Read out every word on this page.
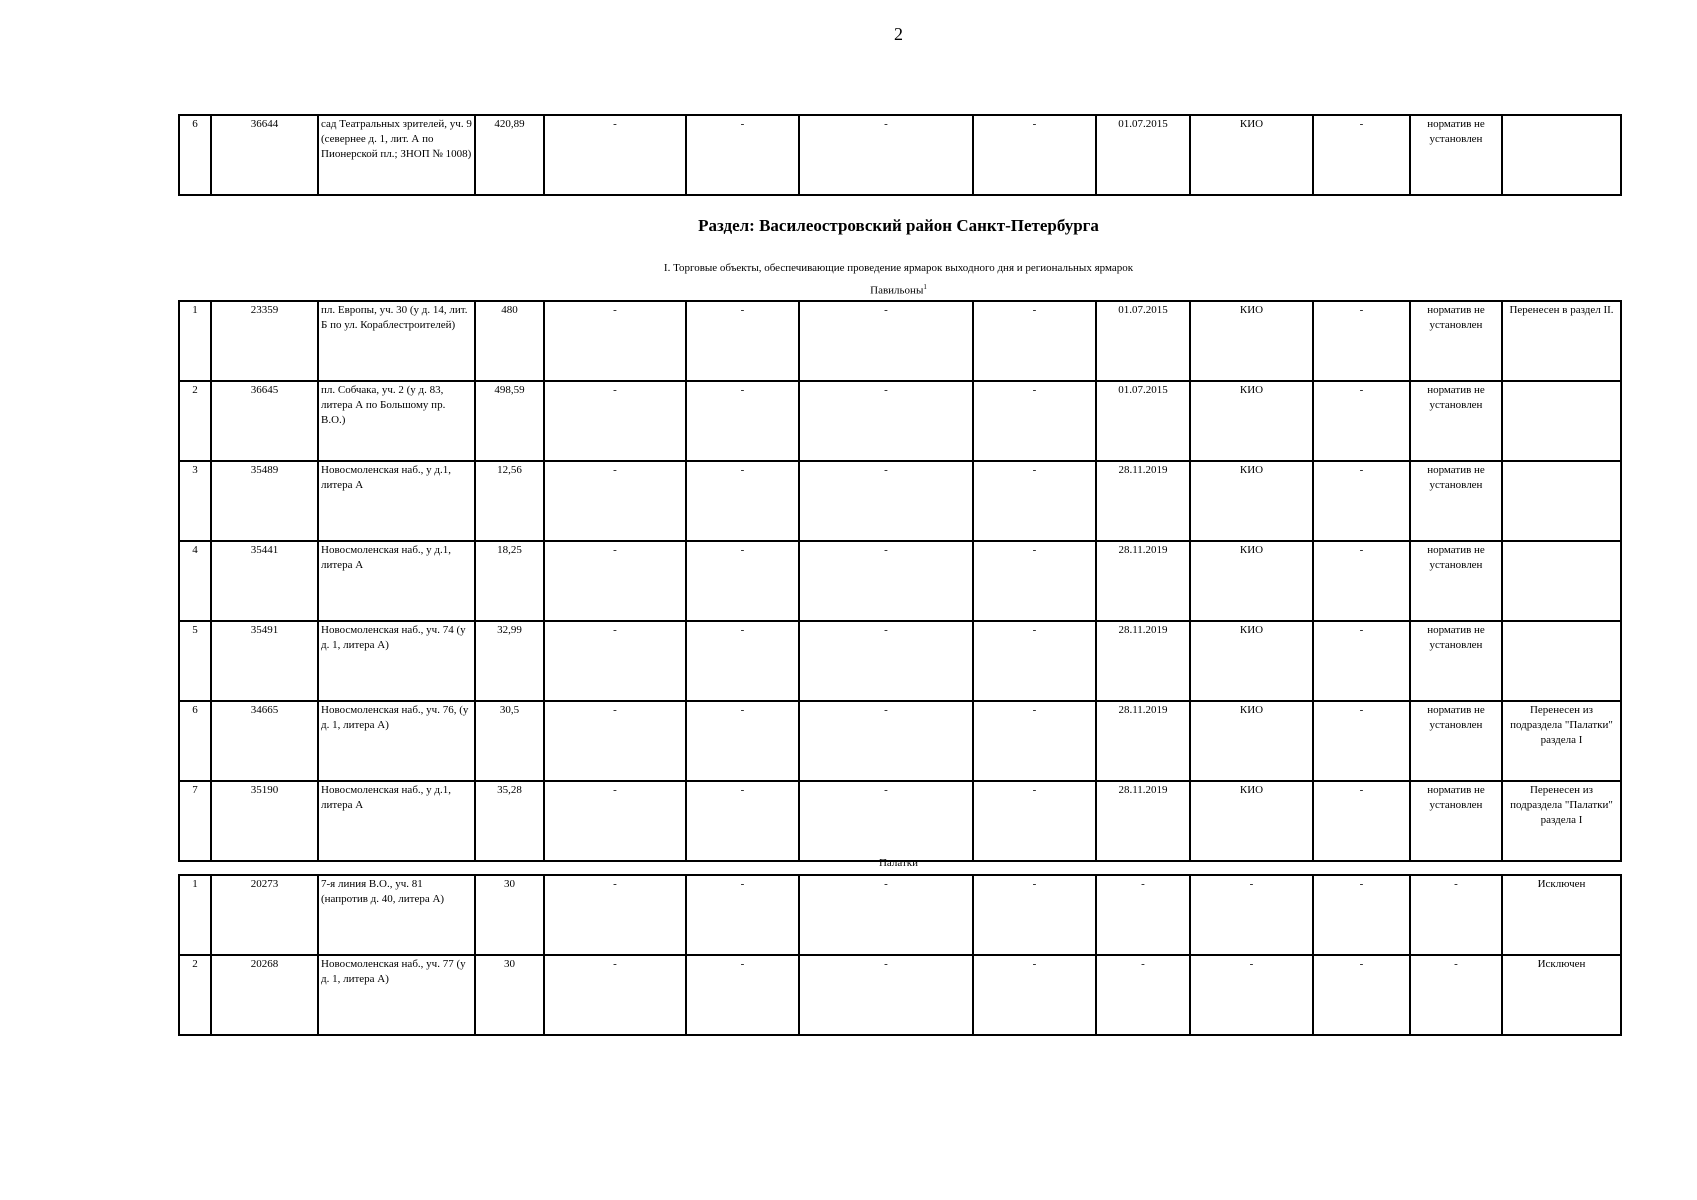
2
6	36644	сад Театральных зрителей, уч. 9 (севернее д. 1, лит. А по Пионерской пл.; ЗНОП № 1008)	420,89	-	-	-	-	01.07.2015	КИО	-	норматив не установлен	
Раздел: Василеостровский район Санкт-Петербурга
I. Торговые объекты, обеспечивающие проведение ярмарок выходного дня и региональных ярмарок
Павильоны$^1$
1	23359	пл. Европы, уч. 30 (у д. 14, лит. Б по ул. Кораблестроителей)	480	-	-	-	-	01.07.2015	КИО	-	норматив не установлен	Перенесен в раздел II.
2	36645	пл. Собчака, уч. 2 (у д. 83, литера А по Большому пр. В.О.)	498,59	-	-	-	-	01.07.2015	КИО	-	норматив не установлен	
3	35489	Новосмоленская наб., у д.1, литера А	12,56	-	-	-	-	28.11.2019	КИО	-	норматив не установлен	
4	35441	Новосмоленская наб., у д.1, литера А	18,25	-	-	-	-	28.11.2019	КИО	-	норматив не установлен	
5	35491	Новосмоленская наб., уч. 74 (у д. 1, литера А)	32,99	-	-	-	-	28.11.2019	КИО	-	норматив не установлен	
6	34665	Новосмоленская наб., уч. 76, (у д. 1, литера А)	30,5	-	-	-	-	28.11.2019	КИО	-	норматив не установлен	Перенесен из подраздела "Палатки" раздела I
7	35190	Новосмоленская наб., у д.1, литера А	35,28	-	-	-	-	28.11.2019	КИО	-	норматив не установлен	Перенесен из подраздела "Палатки" раздела I
Палатки
1	20273	7-я линия В.О., уч. 81 (напротив д. 40, литера А)	30	-	-	-	-	-	-	-	-	Исключен
2	20268	Новосмоленская наб., уч. 77 (у д. 1, литера А)	30	-	-	-	-	-	-	-	-	Исключен
